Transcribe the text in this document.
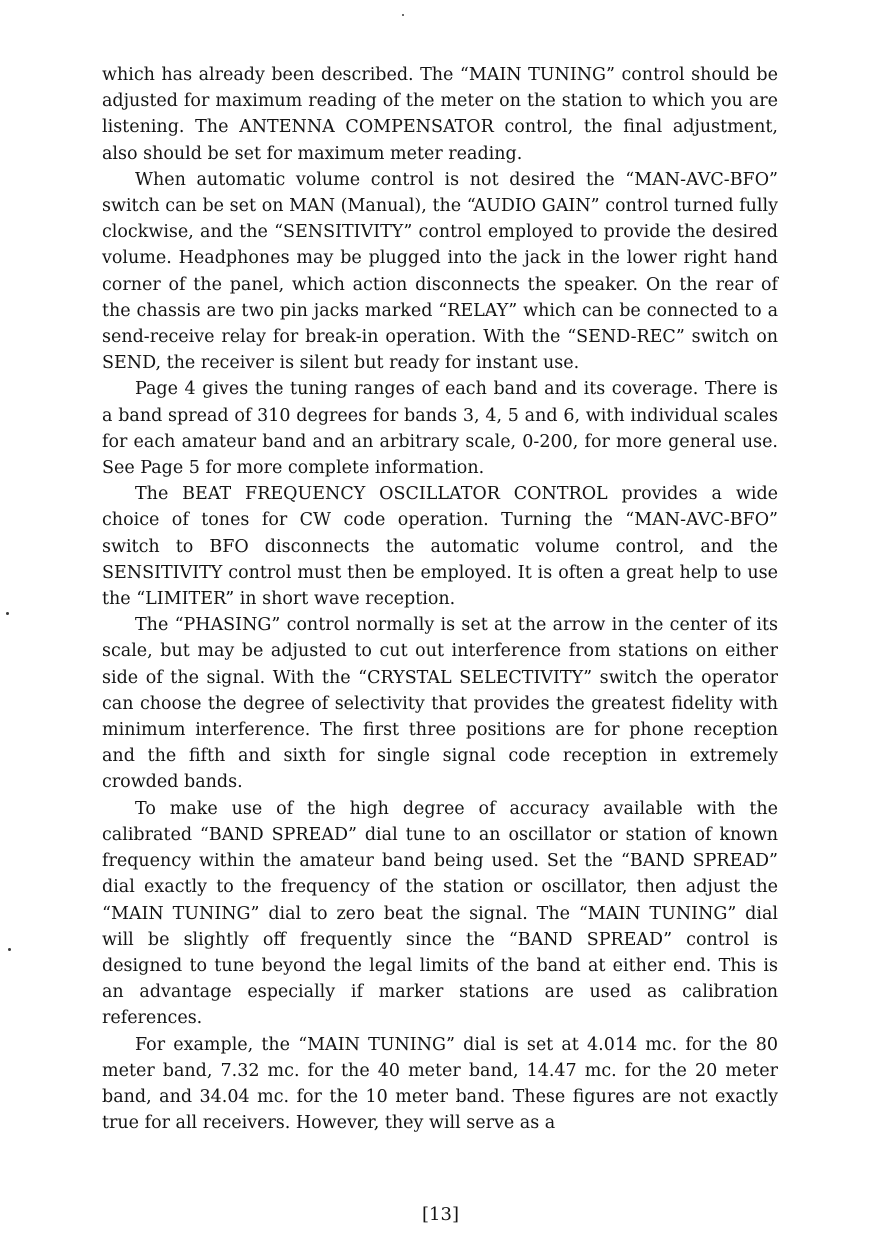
which has already been described. The “MAIN TUNING” control should be adjusted for maximum reading of the meter on the station to which you are listening. The ANTENNA COMPENSATOR control, the final adjustment, also should be set for maximum meter reading.

When automatic volume control is not desired the “MAN-AVC-BFO” switch can be set on MAN (Manual), the “AUDIO GAIN” control turned fully clockwise, and the “SENSITIVITY” control employed to provide the desired volume. Headphones may be plugged into the jack in the lower right hand corner of the panel, which action disconnects the speaker. On the rear of the chassis are two pin jacks marked “RELAY” which can be connected to a send-receive relay for break-in operation. With the “SEND-REC” switch on SEND, the receiver is silent but ready for instant use.

Page 4 gives the tuning ranges of each band and its coverage. There is a band spread of 310 degrees for bands 3, 4, 5 and 6, with individual scales for each amateur band and an arbitrary scale, 0-200, for more general use. See Page 5 for more complete information.

The BEAT FREQUENCY OSCILLATOR CONTROL provides a wide choice of tones for CW code operation. Turning the “MAN-AVC-BFO” switch to BFO disconnects the automatic volume control, and the SENSITIVITY control must then be employed. It is often a great help to use the “LIMITER” in short wave reception.

The “PHASING” control normally is set at the arrow in the center of its scale, but may be adjusted to cut out interference from stations on either side of the signal. With the “CRYSTAL SELECTIVITY” switch the operator can choose the degree of selectivity that provides the greatest fidelity with minimum interference. The first three positions are for phone reception and the fifth and sixth for single signal code reception in extremely crowded bands.

To make use of the high degree of accuracy available with the calibrated “BAND SPREAD” dial tune to an oscillator or station of known frequency within the amateur band being used. Set the “BAND SPREAD” dial exactly to the frequency of the station or oscillator, then adjust the “MAIN TUNING” dial to zero beat the signal. The “MAIN TUNING” dial will be slightly off frequently since the “BAND SPREAD” control is designed to tune beyond the legal limits of the band at either end. This is an advantage especially if marker stations are used as calibration references.

For example, the “MAIN TUNING” dial is set at 4.014 mc. for the 80 meter band, 7.32 mc. for the 40 meter band, 14.47 mc. for the 20 meter band, and 34.04 mc. for the 10 meter band. These figures are not exactly true for all receivers. However, they will serve as a

[13]
